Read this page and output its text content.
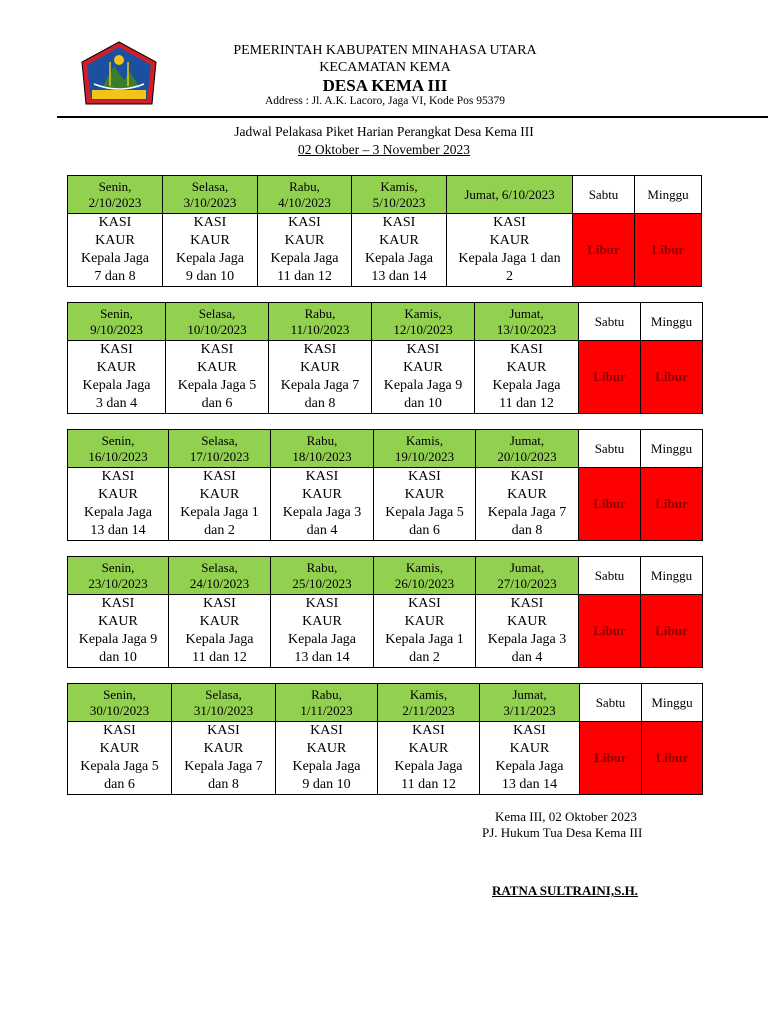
PEMERINTAH KABUPATEN MINAHASA UTARA
KECAMATAN KEMA
DESA KEMA III
Address : Jl. A.K. Lacoro, Jaga VI, Kode Pos 95379
Jadwal Pelakasa Piket Harian Perangkat Desa Kema III
02 Oktober – 3 November 2023
Senin,
2/10/2023	Selasa,
3/10/2023	Rabu,
4/10/2023	Kamis,
5/10/2023	Jumat, 6/10/2023	Sabtu	Minggu
KASI
KAUR
Kepala Jaga
7 dan 8	KASI
KAUR
Kepala Jaga
9 dan 10	KASI
KAUR
Kepala Jaga
11 dan 12	KASI
KAUR
Kepala Jaga
13 dan 14	KASI
KAUR
Kepala Jaga 1 dan
2	Libur	Libur
Senin,
9/10/2023	Selasa,
10/10/2023	Rabu,
11/10/2023	Kamis,
12/10/2023	Jumat,
13/10/2023	Sabtu	Minggu
KASI
KAUR
Kepala Jaga
3 dan 4	KASI
KAUR
Kepala Jaga 5
dan 6	KASI
KAUR
Kepala Jaga 7
dan 8	KASI
KAUR
Kepala Jaga 9
dan 10	KASI
KAUR
Kepala Jaga
11 dan 12	Libur	Libur
Senin,
16/10/2023	Selasa,
17/10/2023	Rabu,
18/10/2023	Kamis,
19/10/2023	Jumat,
20/10/2023	Sabtu	Minggu
KASI
KAUR
Kepala Jaga
13 dan 14	KASI
KAUR
Kepala Jaga 1
dan 2	KASI
KAUR
Kepala Jaga 3
dan 4	KASI
KAUR
Kepala Jaga 5
dan 6	KASI
KAUR
Kepala Jaga 7
dan 8	Libur	Libur
Senin,
23/10/2023	Selasa,
24/10/2023	Rabu,
25/10/2023	Kamis,
26/10/2023	Jumat,
27/10/2023	Sabtu	Minggu
KASI
KAUR
Kepala Jaga 9
dan 10	KASI
KAUR
Kepala Jaga
11 dan 12	KASI
KAUR
Kepala Jaga
13 dan 14	KASI
KAUR
Kepala Jaga 1
dan 2	KASI
KAUR
Kepala Jaga 3
dan 4	Libur	Libur
Senin,
30/10/2023	Selasa,
31/10/2023	Rabu,
1/11/2023	Kamis,
2/11/2023	Jumat,
3/11/2023	Sabtu	Minggu
KASI
KAUR
Kepala Jaga 5
dan 6	KASI
KAUR
Kepala Jaga 7
dan 8	KASI
KAUR
Kepala Jaga
9 dan 10	KASI
KAUR
Kepala Jaga
11 dan 12	KASI
KAUR
Kepala Jaga
13 dan 14	Libur	Libur
Kema III, 02 Oktober 2023
PJ. Hukum Tua Desa Kema III
RATNA SULTRAINI,S.H.
